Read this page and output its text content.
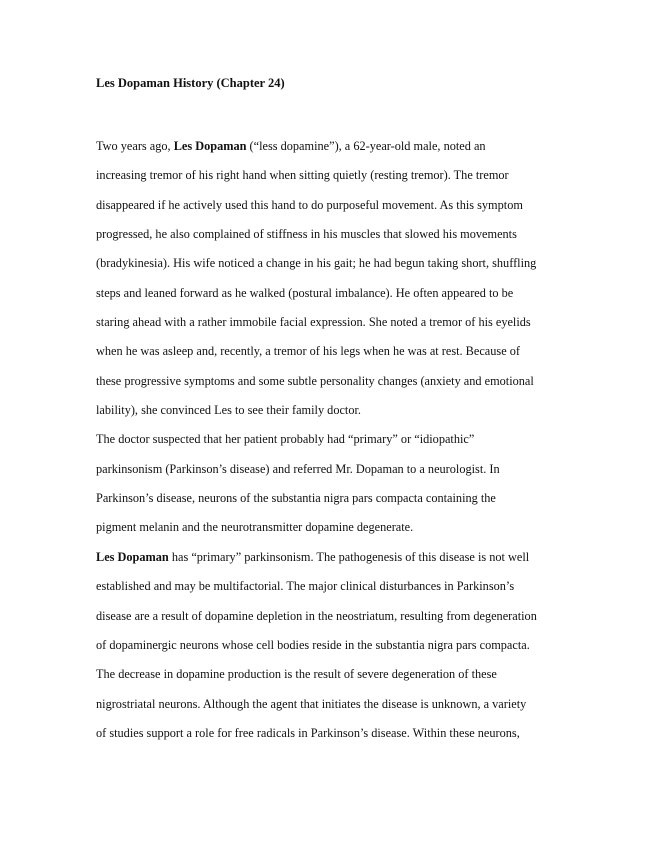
Les Dopaman History (Chapter 24)
Two years ago, Les Dopaman (“less dopamine”), a 62-year-old male, noted an
increasing tremor of his right hand when sitting quietly (resting tremor). The tremor
disappeared if he actively used this hand to do purposeful movement. As this symptom
progressed, he also complained of stiffness in his muscles that slowed his movements
(bradykinesia). His wife noticed a change in his gait; he had begun taking short, shuffling
steps and leaned forward as he walked (postural imbalance). He often appeared to be
staring ahead with a rather immobile facial expression. She noted a tremor of his eyelids
when he was asleep and, recently, a tremor of his legs when he was at rest. Because of
these progressive symptoms and some subtle personality changes (anxiety and emotional
lability), she convinced Les to see their family doctor.
The doctor suspected that her patient probably had “primary” or “idiopathic”
parkinsonism (Parkinson’s disease) and referred Mr. Dopaman to a neurologist. In
Parkinson’s disease, neurons of the substantia nigra pars compacta containing the
pigment melanin and the neurotransmitter dopamine degenerate.
Les Dopaman has “primary” parkinsonism. The pathogenesis of this disease is not well
established and may be multifactorial. The major clinical disturbances in Parkinson’s
disease are a result of dopamine depletion in the neostriatum, resulting from degeneration
of dopaminergic neurons whose cell bodies reside in the substantia nigra pars compacta.
The decrease in dopamine production is the result of severe degeneration of these
nigrostriatal neurons. Although the agent that initiates the disease is unknown, a variety
of studies support a role for free radicals in Parkinson’s disease. Within these neurons,
